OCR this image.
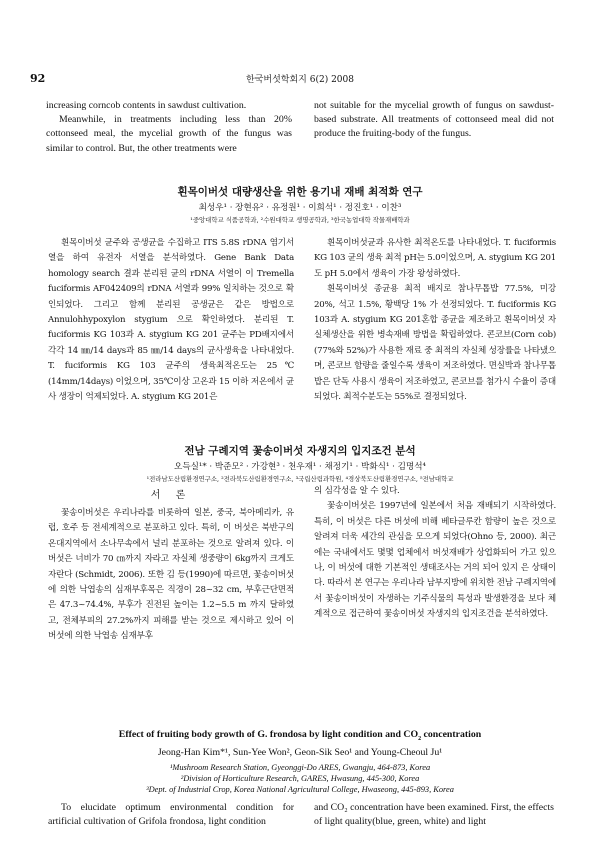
92	한국버섯학회지 6(2) 2008
increasing corncob contents in sawdust cultivation.
Meanwhile, in treatments including less than 20% cottonseed meal, the mycelial growth of the fungus was similar to control. But, the other treatments were
not suitable for the mycelial growth of fungus on sawdust-based substrate. All treatments of cottonseed meal did not produce the fruiting-body of the fungus.
흰목이버섯 대량생산을 위한 용기내 재배 최적화 연구
최성우¹ · 장현유² · 유정원¹ · 이희석¹ · 정진호¹ · 이찬³
¹중앙대학교 식품공학과, ²수원대학교 생명공학과, ³한국농업대학 작물재배학과
흰목이버섯 균주와 공생균을 수집하고 ITS 5.8S rDNA 염기서열을 하여 유전자 서열을 분석하였다. Gene Bank Data homology search 결과 분리된 균의 rDNA 서열이 이 Tremella fuciformis AF042409의 rDNA 서열과 99% 일치하는 것으로 확인되었다. 그리고 함께 분리된 공생균은 같은 방법으로 Annulohhypoxylon stygium 으로 확인하였다. 분리된 T. fuciformis KG 103과 A. stygium KG 201 균주는 PD배지에서 각각 14 ㎜/14 days과 85 ㎜/14 days의 균사생육을 나타내었다. T. fuciformis KG 103 균주의 생육최적온도는 25℃ (14mm/14days) 이었으며, 35℃이상 고온과 15 이하 저온에서 균사 생장이 억제되었다. A. stygium KG 201은
흰목이버섯균과 유사한 최적온도를 나타내었다. T. fuciformis KG 103 균의 생육 최적 pH는 5.0이었으며, A. stygium KG 201도 pH 5.0에서 생육이 가장 왕성하였다.
흰목이버섯 종균용 최적 배지로 참나무톱밥 77.5%, 미강 20%, 석고 1.5%, 황백당 1% 가 선정되었다. T. fuciformis KG 103과 A. stygium KG 201혼합 종균을 제조하고 흰목이버섯 자실체생산을 위한 병속재배 방법을 확립하였다. 콘코브(Corn cob) (77%와 52%)가 사용한 재료 중 최적의 자실체 성장률을 나타냈으며, 콘코브 함량을 줄일수록 생육이 저조하였다. 면실박과 참나무톱밥은 단독 사용시 생육이 저조하였고, 콘코브를 첨가시 수율이 증대되었다. 최적수분도는 55%로 결정되었다.
전남 구례지역 꽃송이버섯 자생지의 입지조건 분석
오득실¹* · 박준모² · 가강현³ · 천우재¹ · 채정기¹ · 박화식¹ · 김명석⁴
¹전라남도산림환경연구소, ²전라북도산림환경연구소, ³국립산림과학원, ⁴경상북도산림환경연구소, ⁵전남대학교
서 론
꽃송이버섯은 우리나라를 비롯하여 일본, 중국, 북아메리카, 유럽, 호주 등 전세계적으로 분포하고 있다. 특히, 이 버섯은 북반구의 온대지역에서 소나무속에서 널리 분포하는 것으로 알려져 있다. 이 버섯은 너비가 70 ㎝까지 자라고 자실체 생중량이 6kg까지 크게도 자란다 (Schmidt, 2006). 또한 김 등(1990)에 따르면, 꽃송이버섯에 의한 낙엽송의 심재부후목은 직경이 28~32 cm, 부후근단면적은 47.3~74.4%, 부후가 진전된 높이는 1.2~5.5 m 까지 달하였고, 전체부피의 27.2%까지 피해를 받는 것으로 제시하고 있어 이 버섯에 의한 낙엽송 심재부후
의 심각성을 알 수 있다.
꽃송이버섯은 1997년에 일본에서 처음 재배되기 시작하였다. 특히, 이 버섯은 다른 버섯에 비해 베타글루칸 함량이 높은 것으로 알려져 더욱 세간의 관심을 모으게 되었다(Ohno 등, 2000). 최근에는 국내에서도 몇몇 업체에서 버섯재배가 상업화되어 가고 있으나, 이 버섯에 대한 기본적인 생태조사는 거의 되어 있지 은 상태이다. 따라서 본 연구는 우리나라 남부지방에 위치한 전남 구례지역에서 꽃송이버섯이 자생하는 기주식물의 특성과 발생환경을 보다 체계적으로 접근하여 꽃송이버섯 자생지의 입지조건을 분석하였다.
Effect of fruiting body growth of G. frondosa by light condition and $CO_2$ concentration
Jeong-Han Kim*¹, Sun-Yee Won², Geon-Sik Seo¹ and Young-Cheoul Ju¹
¹Mushroom Research Station, Gyeonggi-Do ARES, Gwangju, 464-873, Korea
²Division of Horticulture Research, GARES, Hwasung, 445-300, Korea
³Dept. of Industrial Crop, Korea National Agricultural College, Hwaseong, 445-893, Korea
To elucidate optimum environmental condition for artificial cultivation of Grifola frondosa, light condition
and CO₂ concentration have been examined. First, the effects of light quality(blue, green, white) and light
